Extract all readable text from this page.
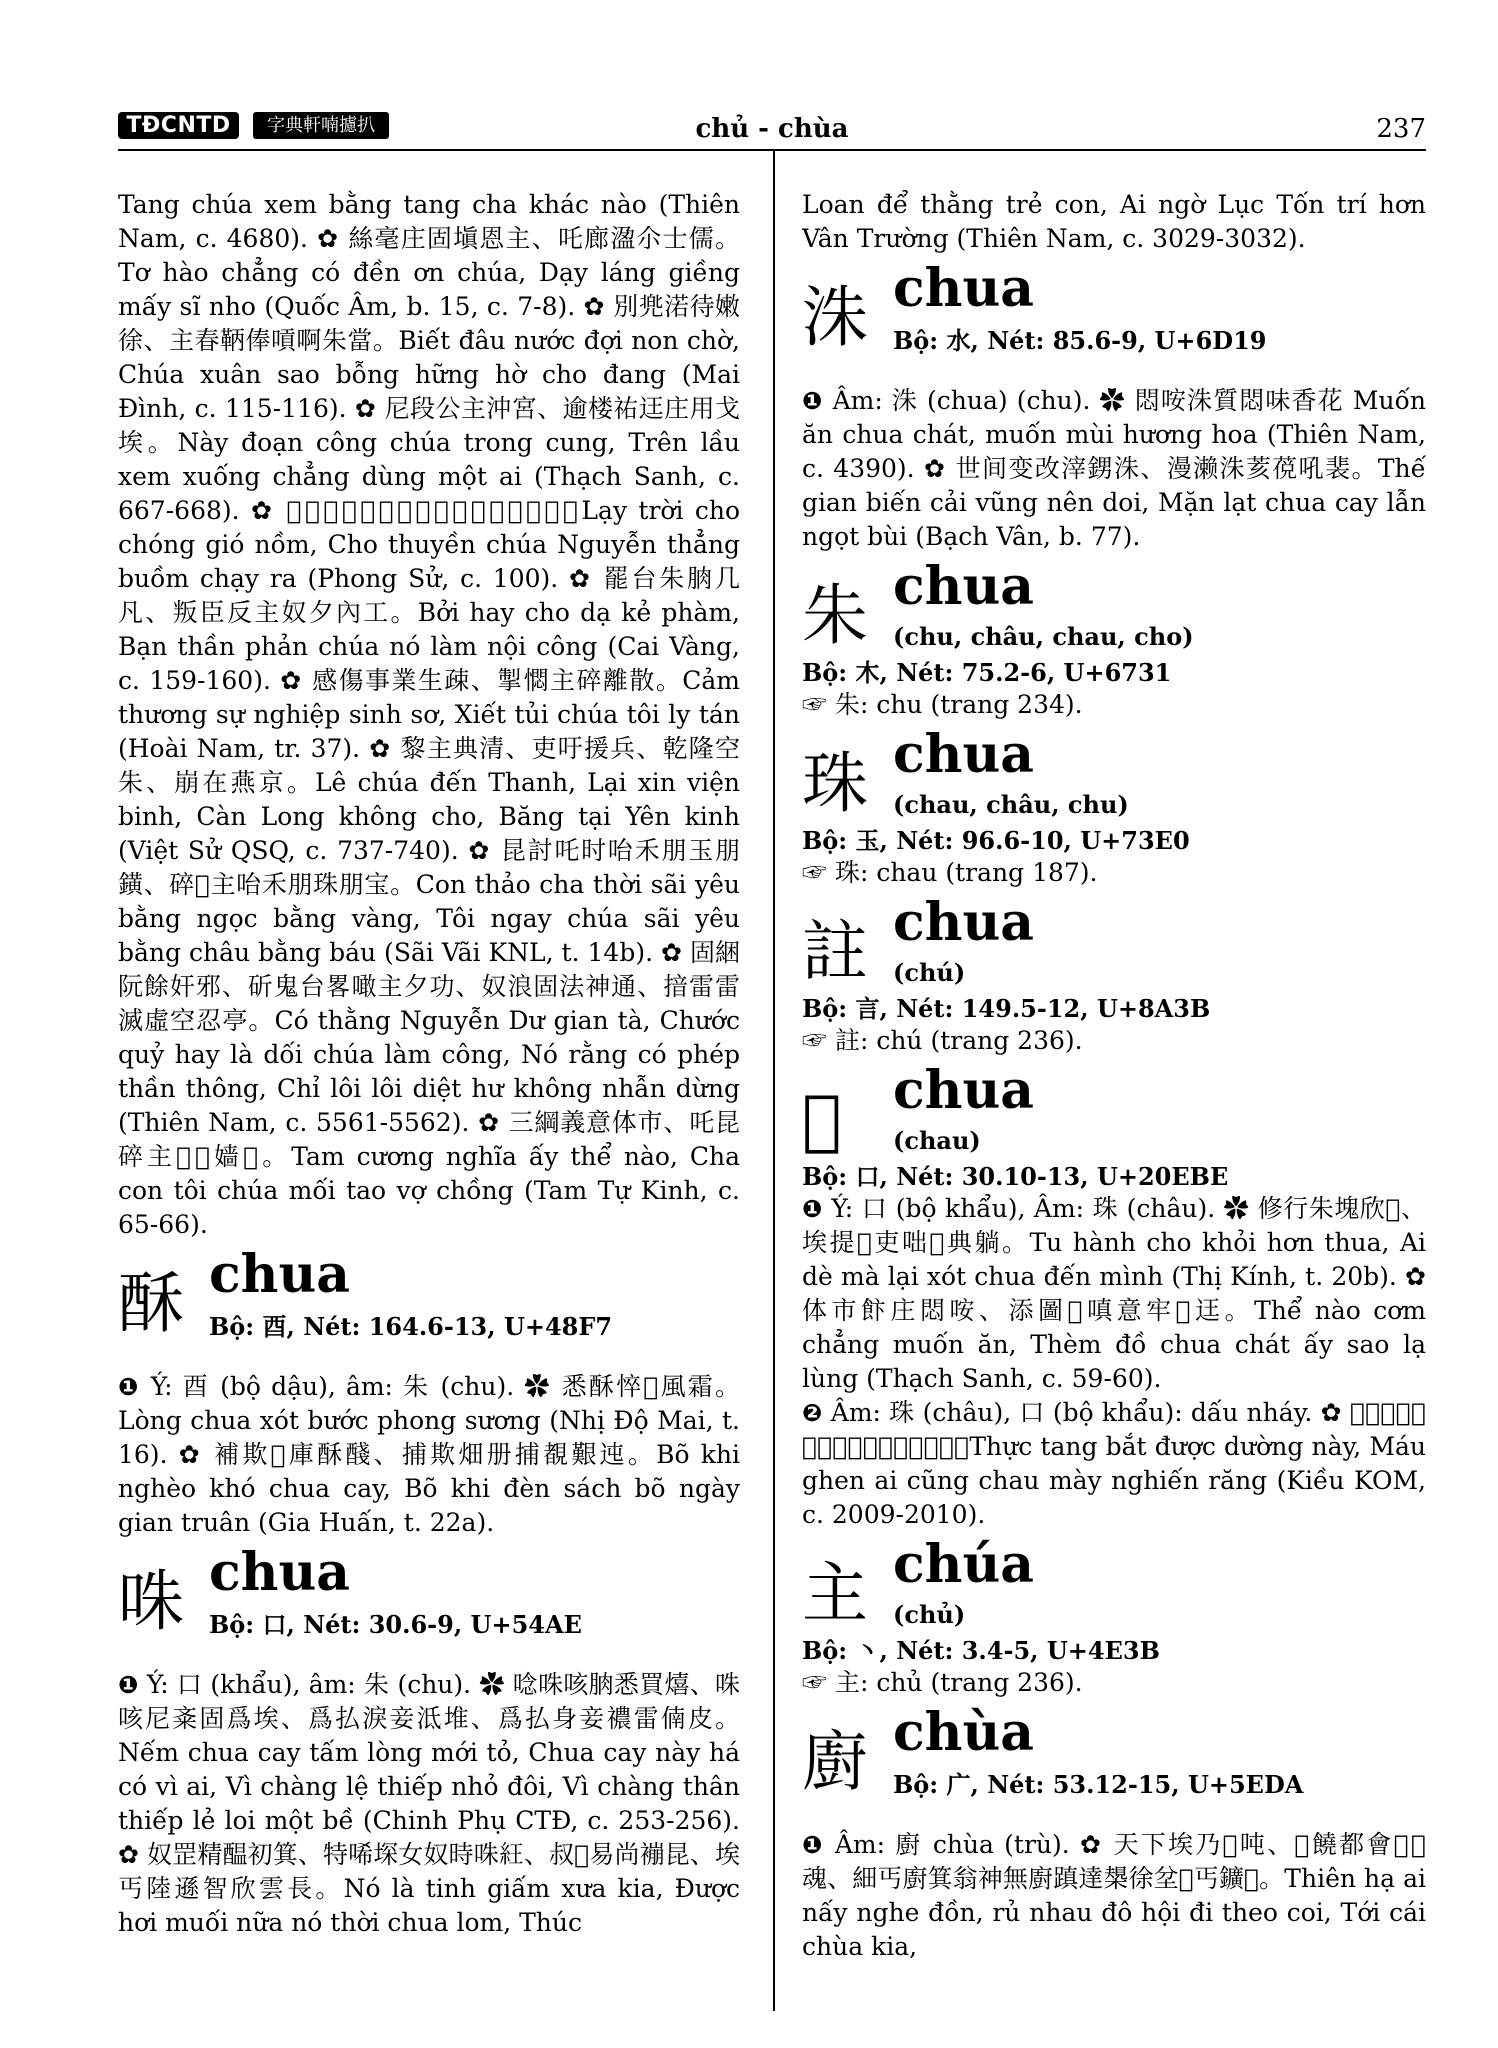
TĐCNTD	字典軒喃攄扒	chủ - chùa	237

Tang chúa xem bằng tang cha khác nào (Thiên Nam, c. 4680). ✿ 絲毫庄固塡恩主、吒廊溋尒士儒。Tơ hào chẳng có đền ơn chúa, Dạy láng giềng mấy sĩ nho (Quốc Âm, b. 15, c. 7-8). ✿ 別兠渃待嫩徐、主春鞆俸嗊啊朱當。Biết đâu nước đợi non chờ, Chúa xuân sao bỗng hững hờ cho đang (Mai Đình, c. 115-116). ✿ 尼段公主沖宮、逾楼祐迋庄用戈埃。Này đoạn công chúa trong cung, Trên lầu xem xuống chẳng dùng một ai (Thạch Sanh, c. 667-668). ✿ 𢄂巠朱𩙻𩙌南、朱船主阮𠫾帆𧼋𤀖。Lạy trời cho chóng gió nồm, Cho thuyền chúa Nguyễn thẳng buồm chạy ra (Phong Sử, c. 100). ✿ 罷台朱朒几凡、叛臣反主奴夕內工。Bởi hay cho dạ kẻ phàm, Bạn thần phản chúa nó làm nội công (Cai Vàng, c. 159-160). ✿ 感傷事業生疎、掣㦖主碎離散。Cảm thương sự nghiệp sinh sơ, Xiết tủi chúa tôi ly tán (Hoài Nam, tr. 37). ✿ 黎主典清、吏吁援兵、乾隆空朱、崩在燕京。Lê chúa đến Thanh, Lại xin viện binh, Càn Long không cho, Băng tại Yên kinh (Việt Sử QSQ, c. 737-740). ✿ 昆討吒时咍禾朋玉朋鐄、碎𣦍主咍禾朋珠朋宝。Con thảo cha thời sãi yêu bằng ngọc bằng vàng, Tôi ngay chúa sãi yêu bằng châu bằng báu (Sãi Vãi KNL, t. 14b). ✿ 固綑阮餘奸邪、斫鬼台畧噉主夕功、奴浪固法神通、揞雷雷滅虛空忍亭。Có thằng Nguyễn Dư gian tà, Chước quỷ hay là dối chúa làm công, Nó rằng có phép thần thông, Chỉ lôi lôi diệt hư không nhẫn dừng (Thiên Nam, c. 5561-5562). ✿ 三綱義意体市、吒昆碎主𦁀𧈅嫱𡞕。Tam cương nghĩa ấy thể nào, Cha con tôi chúa mối tao vợ chồng (Tam Tự Kinh, c. 65-66).

酥 chua
Bộ: 酉, Nét: 164.6-13, U+48F7

❶ Ý: 酉 (bộ dậu), âm: 朱 (chu). ✿ 悉酥悴𨇒風霜。Lòng chua xót bước phong sương (Nhị Độ Mai, t. 16). ✿ 補欺𩟡庫酥醆、捕欺畑册捕覩艱迍。Bõ khi nghèo khó chua cay, Bõ khi đèn sách bõ ngày gian truân (Gia Huấn, t. 22a).

咮 chua
Bộ: 口, Nét: 30.6-9, U+54AE

❶ Ý: 口 (khẩu), âm: 朱 (chu). ✿ 唸咮咳朒悉買熺、咮咳尼㪰固爲埃、爲払淚妾泜堆、爲払身妾禯雷㑲皮。Nếm chua cay tấm lòng mới tỏ, Chua cay này há có vì ai, Vì chàng lệ thiếp nhỏ đôi, Vì chàng thân thiếp lẻ loi một bề (Chinh Phụ CTĐ, c. 253-256). ✿ 奴罡精醖初箕、特唏堔女奴時咮𥿁、叔𩛄易尚䙖昆、埃丐陸遜智欣雲長。Nó là tinh giấm xưa kia, Được hơi muối nữa nó thời chua lom, Thúc

Loan để thằng trẻ con, Ai ngờ Lục Tốn trí hơn Vân Trường (Thiên Nam, c. 3029-3032).

洙 chua
Bộ: 水, Nét: 85.6-9, U+6D19

❶ Âm: 洙 (chua) (chu). ✿ 悶咹洙質悶味香花 Muốn ăn chua chát, muốn mùi hương hoa (Thiên Nam, c. 4390). ✿ 世间变改滓𨦻洙、漫濑洙荄䓲吼裴。Thế gian biến cải vũng nên doi, Mặn lạt chua cay lẫn ngọt bùi (Bạch Vân, b. 77).

朱 chua
(chu, châu, chau, cho)

Bộ: 木, Nét: 75.2-6, U+6731

☞ 朱: chu (trang 234).

珠 chua
(chau, châu, chu)

Bộ: 玉, Nét: 96.6-10, U+73E0

☞ 珠: chau (trang 187).

註 chua
(chú)

Bộ: 言, Nét: 149.5-12, U+8A3B

☞ 註: chú (trang 236).

𠺾 chua
(chau)

Bộ: 口, Nét: 30.10-13, U+20EBE

❶ Ý: 口 (bộ khẩu), Âm: 珠 (châu). ✿ 修行朱塊欣𠳨、埃提𠹾吏咄𠺾典躺。Tu hành cho khỏi hơn thua, Ai dè mà lại xót chua đến mình (Thị Kính, t. 20b). ✿ 体市飰庄悶咹、添圖𠺾嗔意牢𨆢迋。Thể nào cơm chẳng muốn ăn, Thèm đồ chua chát ấy sao lạ lùng (Thạch Sanh, c. 59-60).

❷ Âm: 珠 (châu), 口 (bộ khẩu): dấu nháy. ✿ 𡨹䏧扒特豸尼、𢬣悭埃拱𠺾眉哯𩨋。Thực tang bắt được dường này, Máu ghen ai cũng chau mày nghiến răng (Kiều KOM, c. 2009-2010).

主 chúa
(chủ)

Bộ: 丶, Nét: 3.4-5, U+4E3B

☞ 主: chủ (trang 236).

廚 chùa
Bộ: 广, Nét: 53.12-15, U+5EDA

❶ Âm: 廚 chùa (trù). ✿ 天下埃乃𦗏吨、𠴍饒都會𨁇𨀎魂、細丐廚箕翁神無廚蹎達槼徐坌𢭮丐鑛𨁇。Thiên hạ ai nấy nghe đồn, rủ nhau đô hội đi theo coi, Tới cái chùa kia,
